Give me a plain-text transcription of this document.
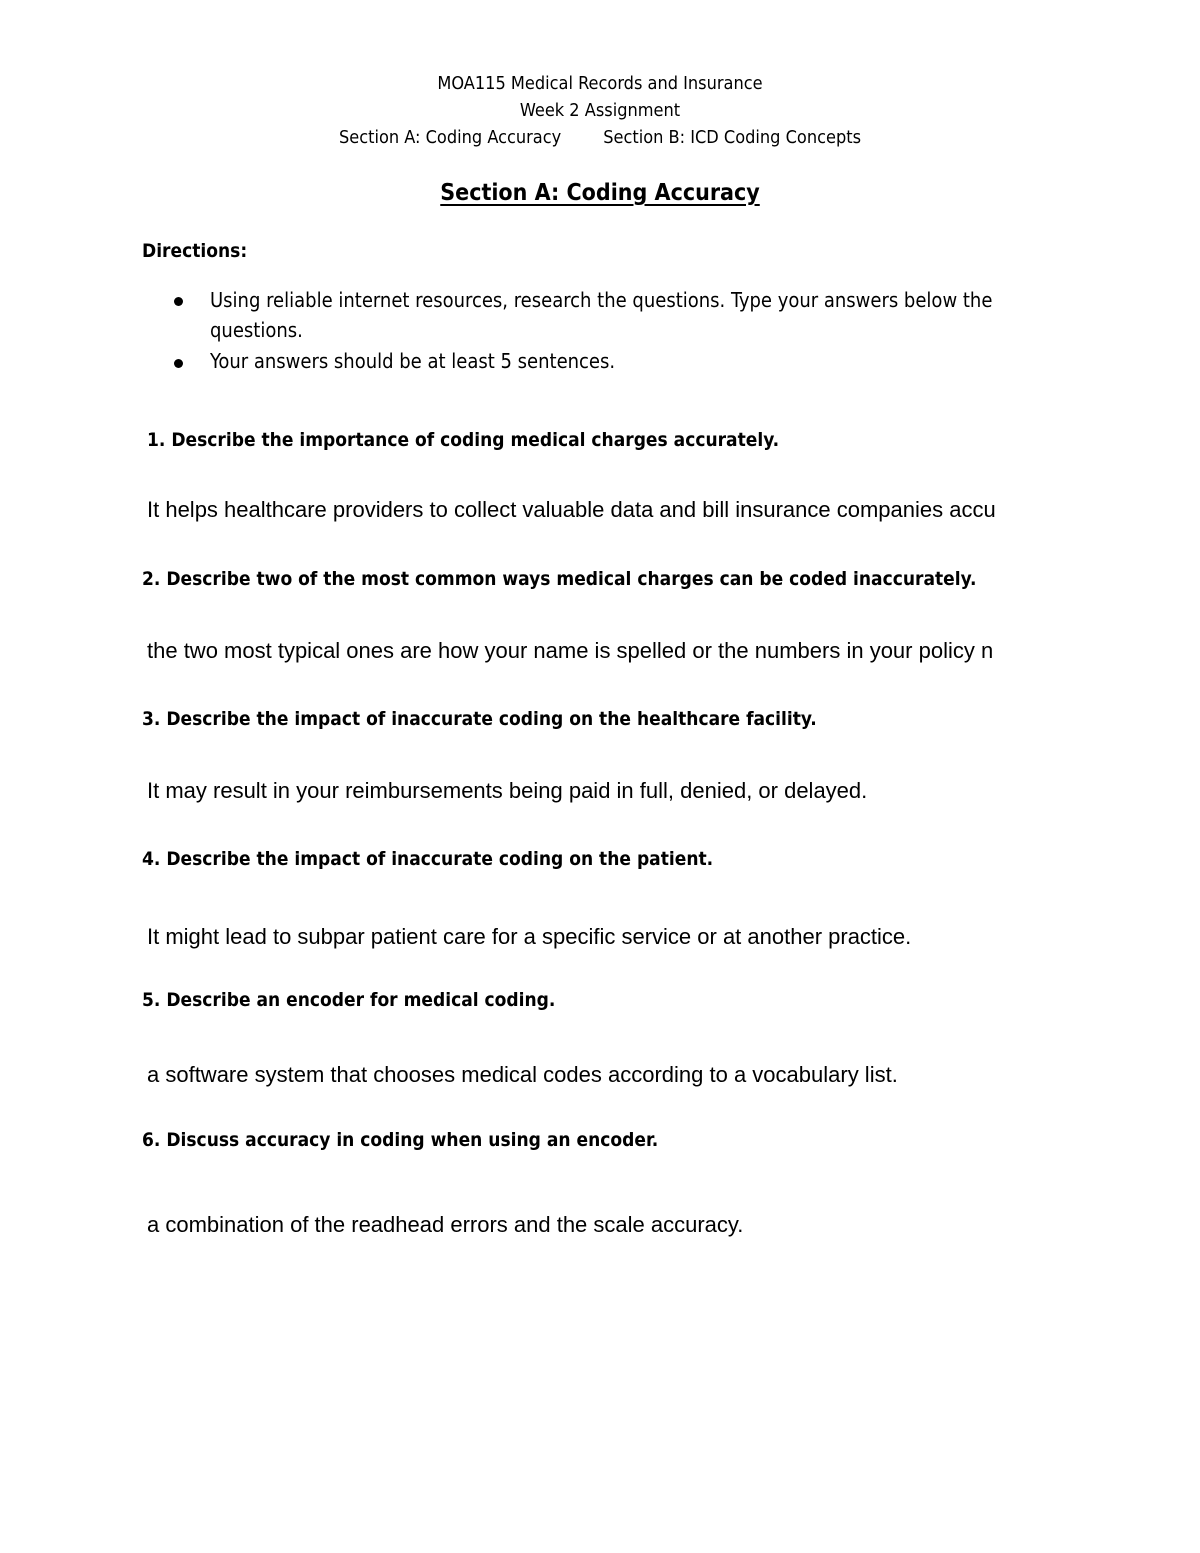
MOA115 Medical Records and Insurance
Week 2 Assignment
Section A: Coding Accuracy Section B: ICD Coding Concepts
Section A: Coding Accuracy
Directions:
Using reliable internet resources, research the questions. Type your answers below the questions.
Your answers should be at least 5 sentences.
1. Describe the importance of coding medical charges accurately.
It helps healthcare providers to collect valuable data and bill insurance companies accu
2. Describe two of the most common ways medical charges can be coded inaccurately.
the two most typical ones are how your name is spelled or the numbers in your policy n
3. Describe the impact of inaccurate coding on the healthcare facility.
It may result in your reimbursements being paid in full, denied, or delayed.
4. Describe the impact of inaccurate coding on the patient.
It might lead to subpar patient care for a specific service or at another practice.
5. Describe an encoder for medical coding.
a software system that chooses medical codes according to a vocabulary list.
6. Discuss accuracy in coding when using an encoder.
a combination of the readhead errors and the scale accuracy.
